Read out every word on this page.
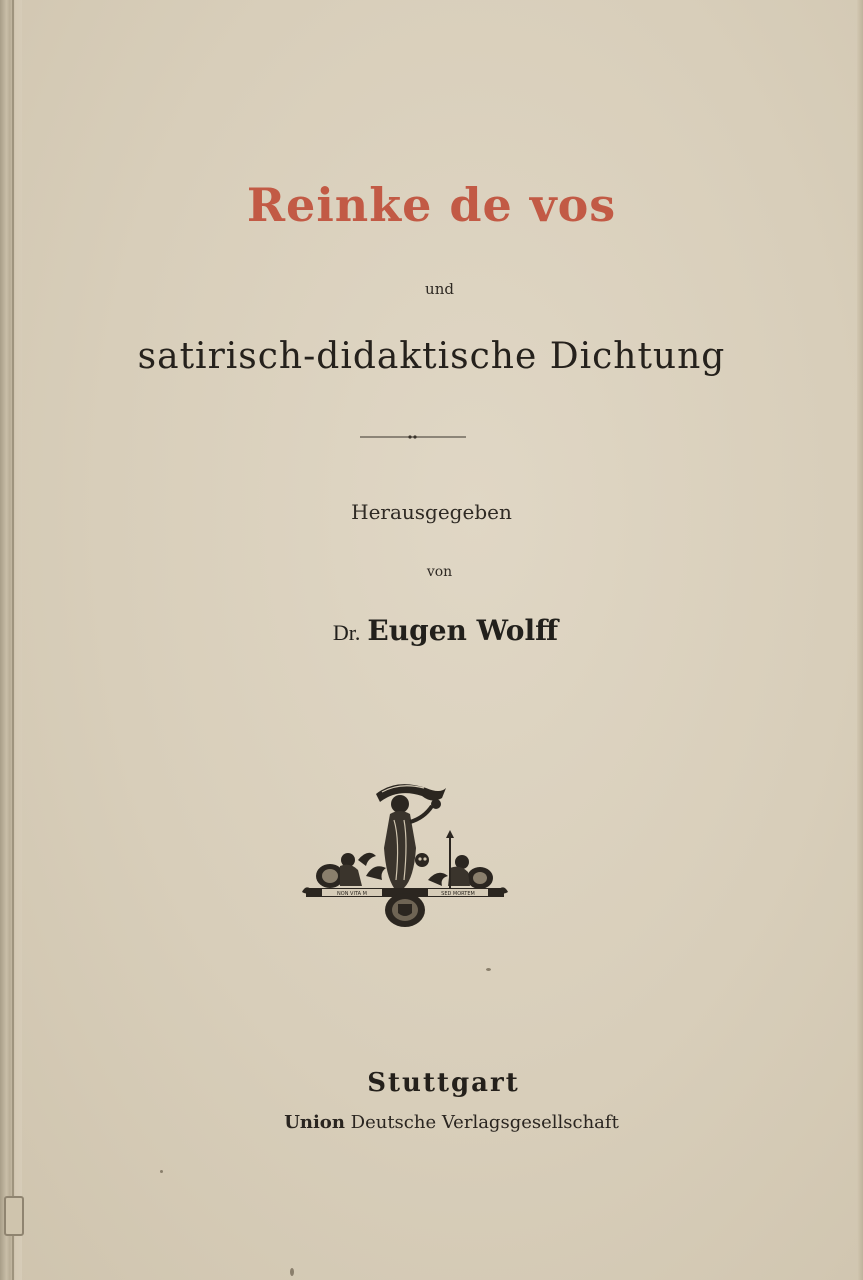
Reinke de vos
und
satirisch-didaktische Dichtung
Herausgegeben
von
Dr. Eugen Wolff
NON VITA M	SED MORTEM
Stuttgart
Union Deutsche Verlagsgesellschaft
